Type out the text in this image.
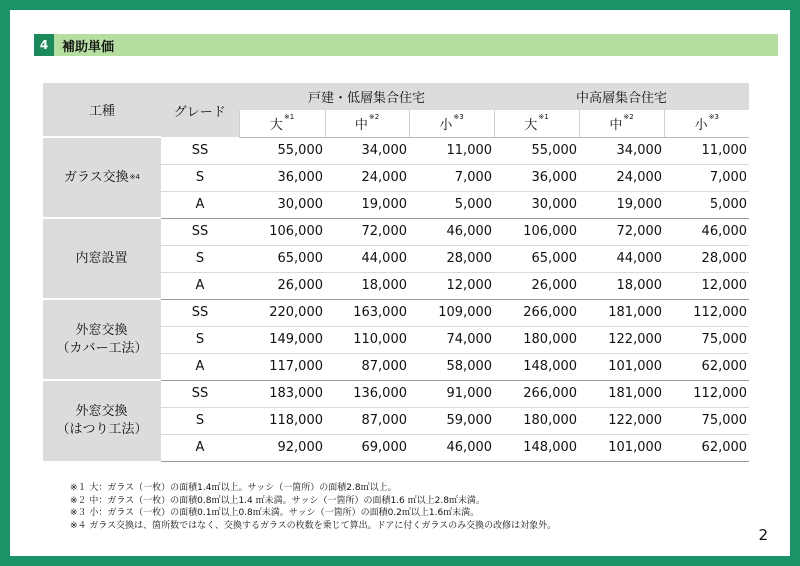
4	補助単価
工種	グレード	戸建・低層集合住宅			中高層集合住宅		
		大$^{※1}$	中$^{※2}$	小$^{※3}$	大$^{※1}$	中$^{※2}$	小$^{※3}$
ガラス交換$^{※4}$	SS	55,000	34,000	11,000	55,000	34,000	11,000
	S	36,000	24,000	7,000	36,000	24,000	7,000
	A	30,000	19,000	5,000	30,000	19,000	5,000
内窓設置	SS	106,000	72,000	46,000	106,000	72,000	46,000
	S	65,000	44,000	28,000	65,000	44,000	28,000
	A	26,000	18,000	12,000	26,000	18,000	12,000
外窓交換
（カバー工法）	SS	220,000	163,000	109,000	266,000	181,000	112,000
	S	149,000	110,000	74,000	180,000	122,000	75,000
	A	117,000	87,000	58,000	148,000	101,000	62,000
外窓交換
（はつり工法）	SS	183,000	136,000	91,000	266,000	181,000	112,000
	S	118,000	87,000	59,000	180,000	122,000	75,000
	A	92,000	69,000	46,000	148,000	101,000	62,000
※１ 大：ガラス（一枚）の面積1.4㎡以上。サッシ（一箇所）の面積2.8㎡以上。
※２ 中：ガラス（一枚）の面積0.8㎡以上1.4 ㎡未満。サッシ（一箇所）の面積1.6 ㎡以上2.8㎡未満。
※３ 小：ガラス（一枚）の面積0.1㎡以上0.8㎡未満。サッシ（一箇所）の面積0.2㎡以上1.6㎡未満。
※４ ガラス交換は、箇所数ではなく、交換するガラスの枚数を乗じて算出。ドアに付くガラスのみ交換の改修は対象外。
2
